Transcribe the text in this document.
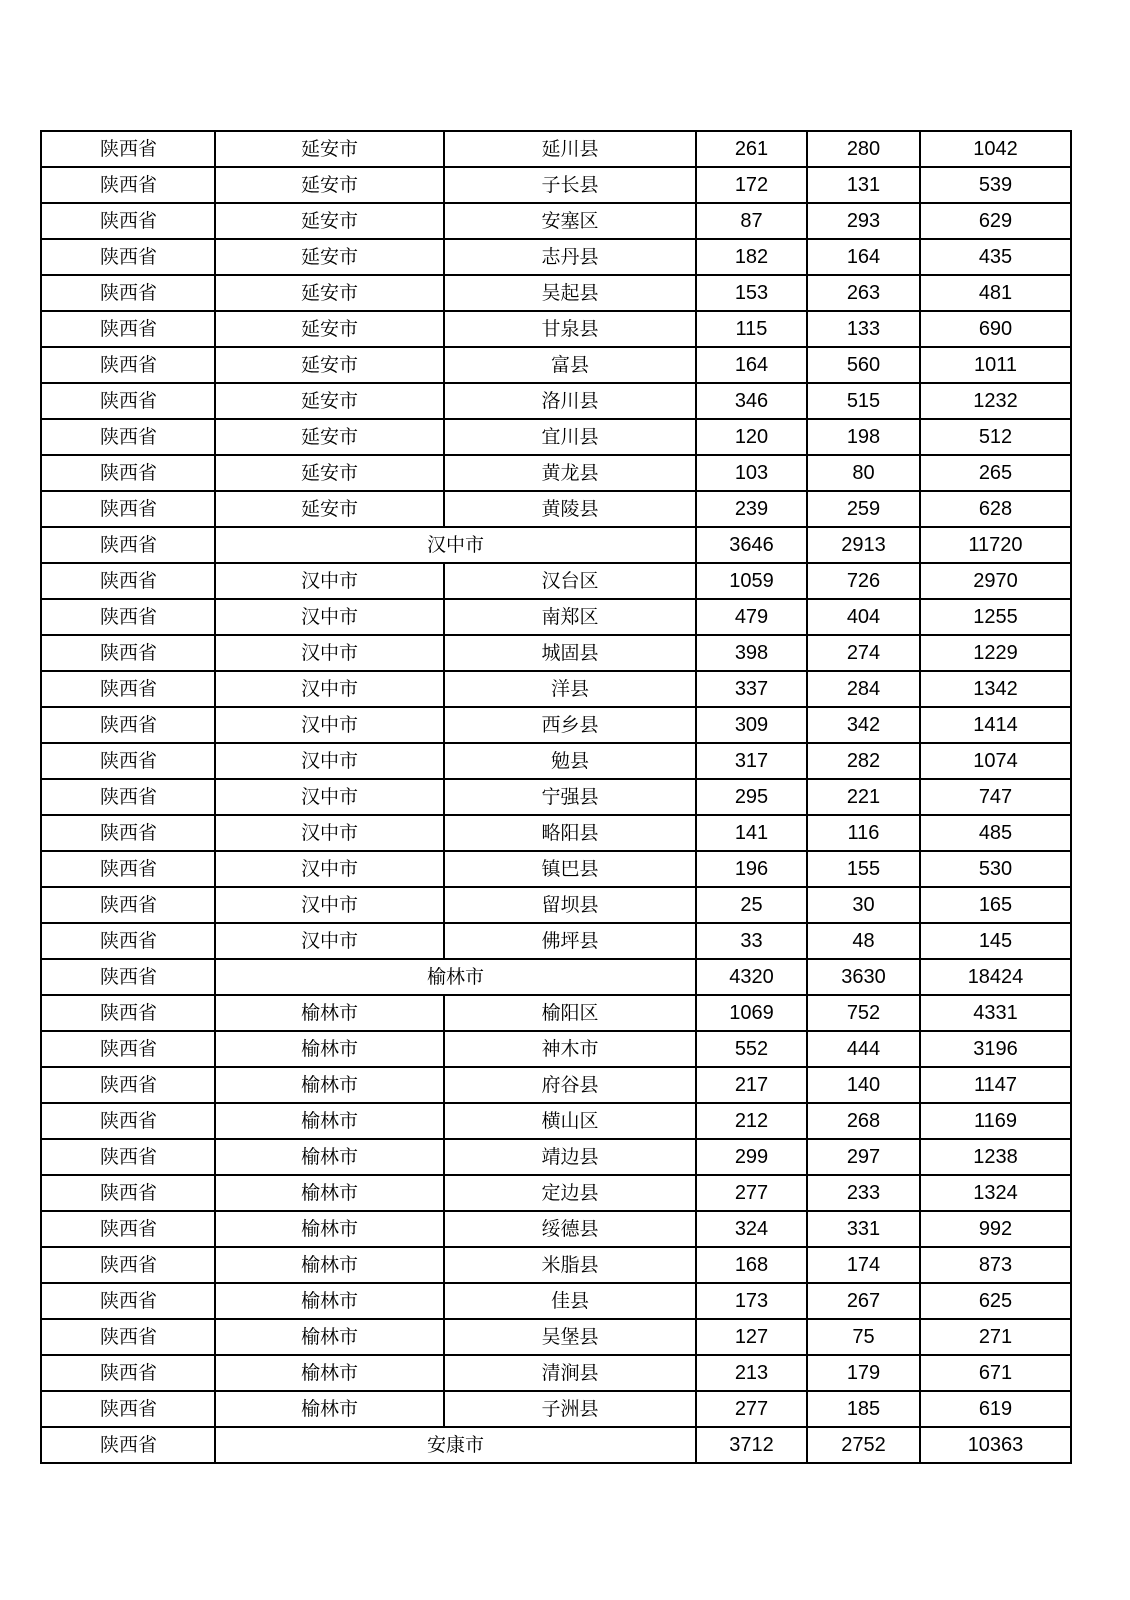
陕西省	延安市	延川县	261	280	1042
陕西省	延安市	子长县	172	131	539
陕西省	延安市	安塞区	87	293	629
陕西省	延安市	志丹县	182	164	435
陕西省	延安市	吴起县	153	263	481
陕西省	延安市	甘泉县	115	133	690
陕西省	延安市	富县	164	560	1011
陕西省	延安市	洛川县	346	515	1232
陕西省	延安市	宜川县	120	198	512
陕西省	延安市	黄龙县	103	80	265
陕西省	延安市	黄陵县	239	259	628
陕西省	汉中市		3646	2913	11720
陕西省	汉中市	汉台区	1059	726	2970
陕西省	汉中市	南郑区	479	404	1255
陕西省	汉中市	城固县	398	274	1229
陕西省	汉中市	洋县	337	284	1342
陕西省	汉中市	西乡县	309	342	1414
陕西省	汉中市	勉县	317	282	1074
陕西省	汉中市	宁强县	295	221	747
陕西省	汉中市	略阳县	141	116	485
陕西省	汉中市	镇巴县	196	155	530
陕西省	汉中市	留坝县	25	30	165
陕西省	汉中市	佛坪县	33	48	145
陕西省	榆林市		4320	3630	18424
陕西省	榆林市	榆阳区	1069	752	4331
陕西省	榆林市	神木市	552	444	3196
陕西省	榆林市	府谷县	217	140	1147
陕西省	榆林市	横山区	212	268	1169
陕西省	榆林市	靖边县	299	297	1238
陕西省	榆林市	定边县	277	233	1324
陕西省	榆林市	绥德县	324	331	992
陕西省	榆林市	米脂县	168	174	873
陕西省	榆林市	佳县	173	267	625
陕西省	榆林市	吴堡县	127	75	271
陕西省	榆林市	清涧县	213	179	671
陕西省	榆林市	子洲县	277	185	619
陕西省	安康市		3712	2752	10363
